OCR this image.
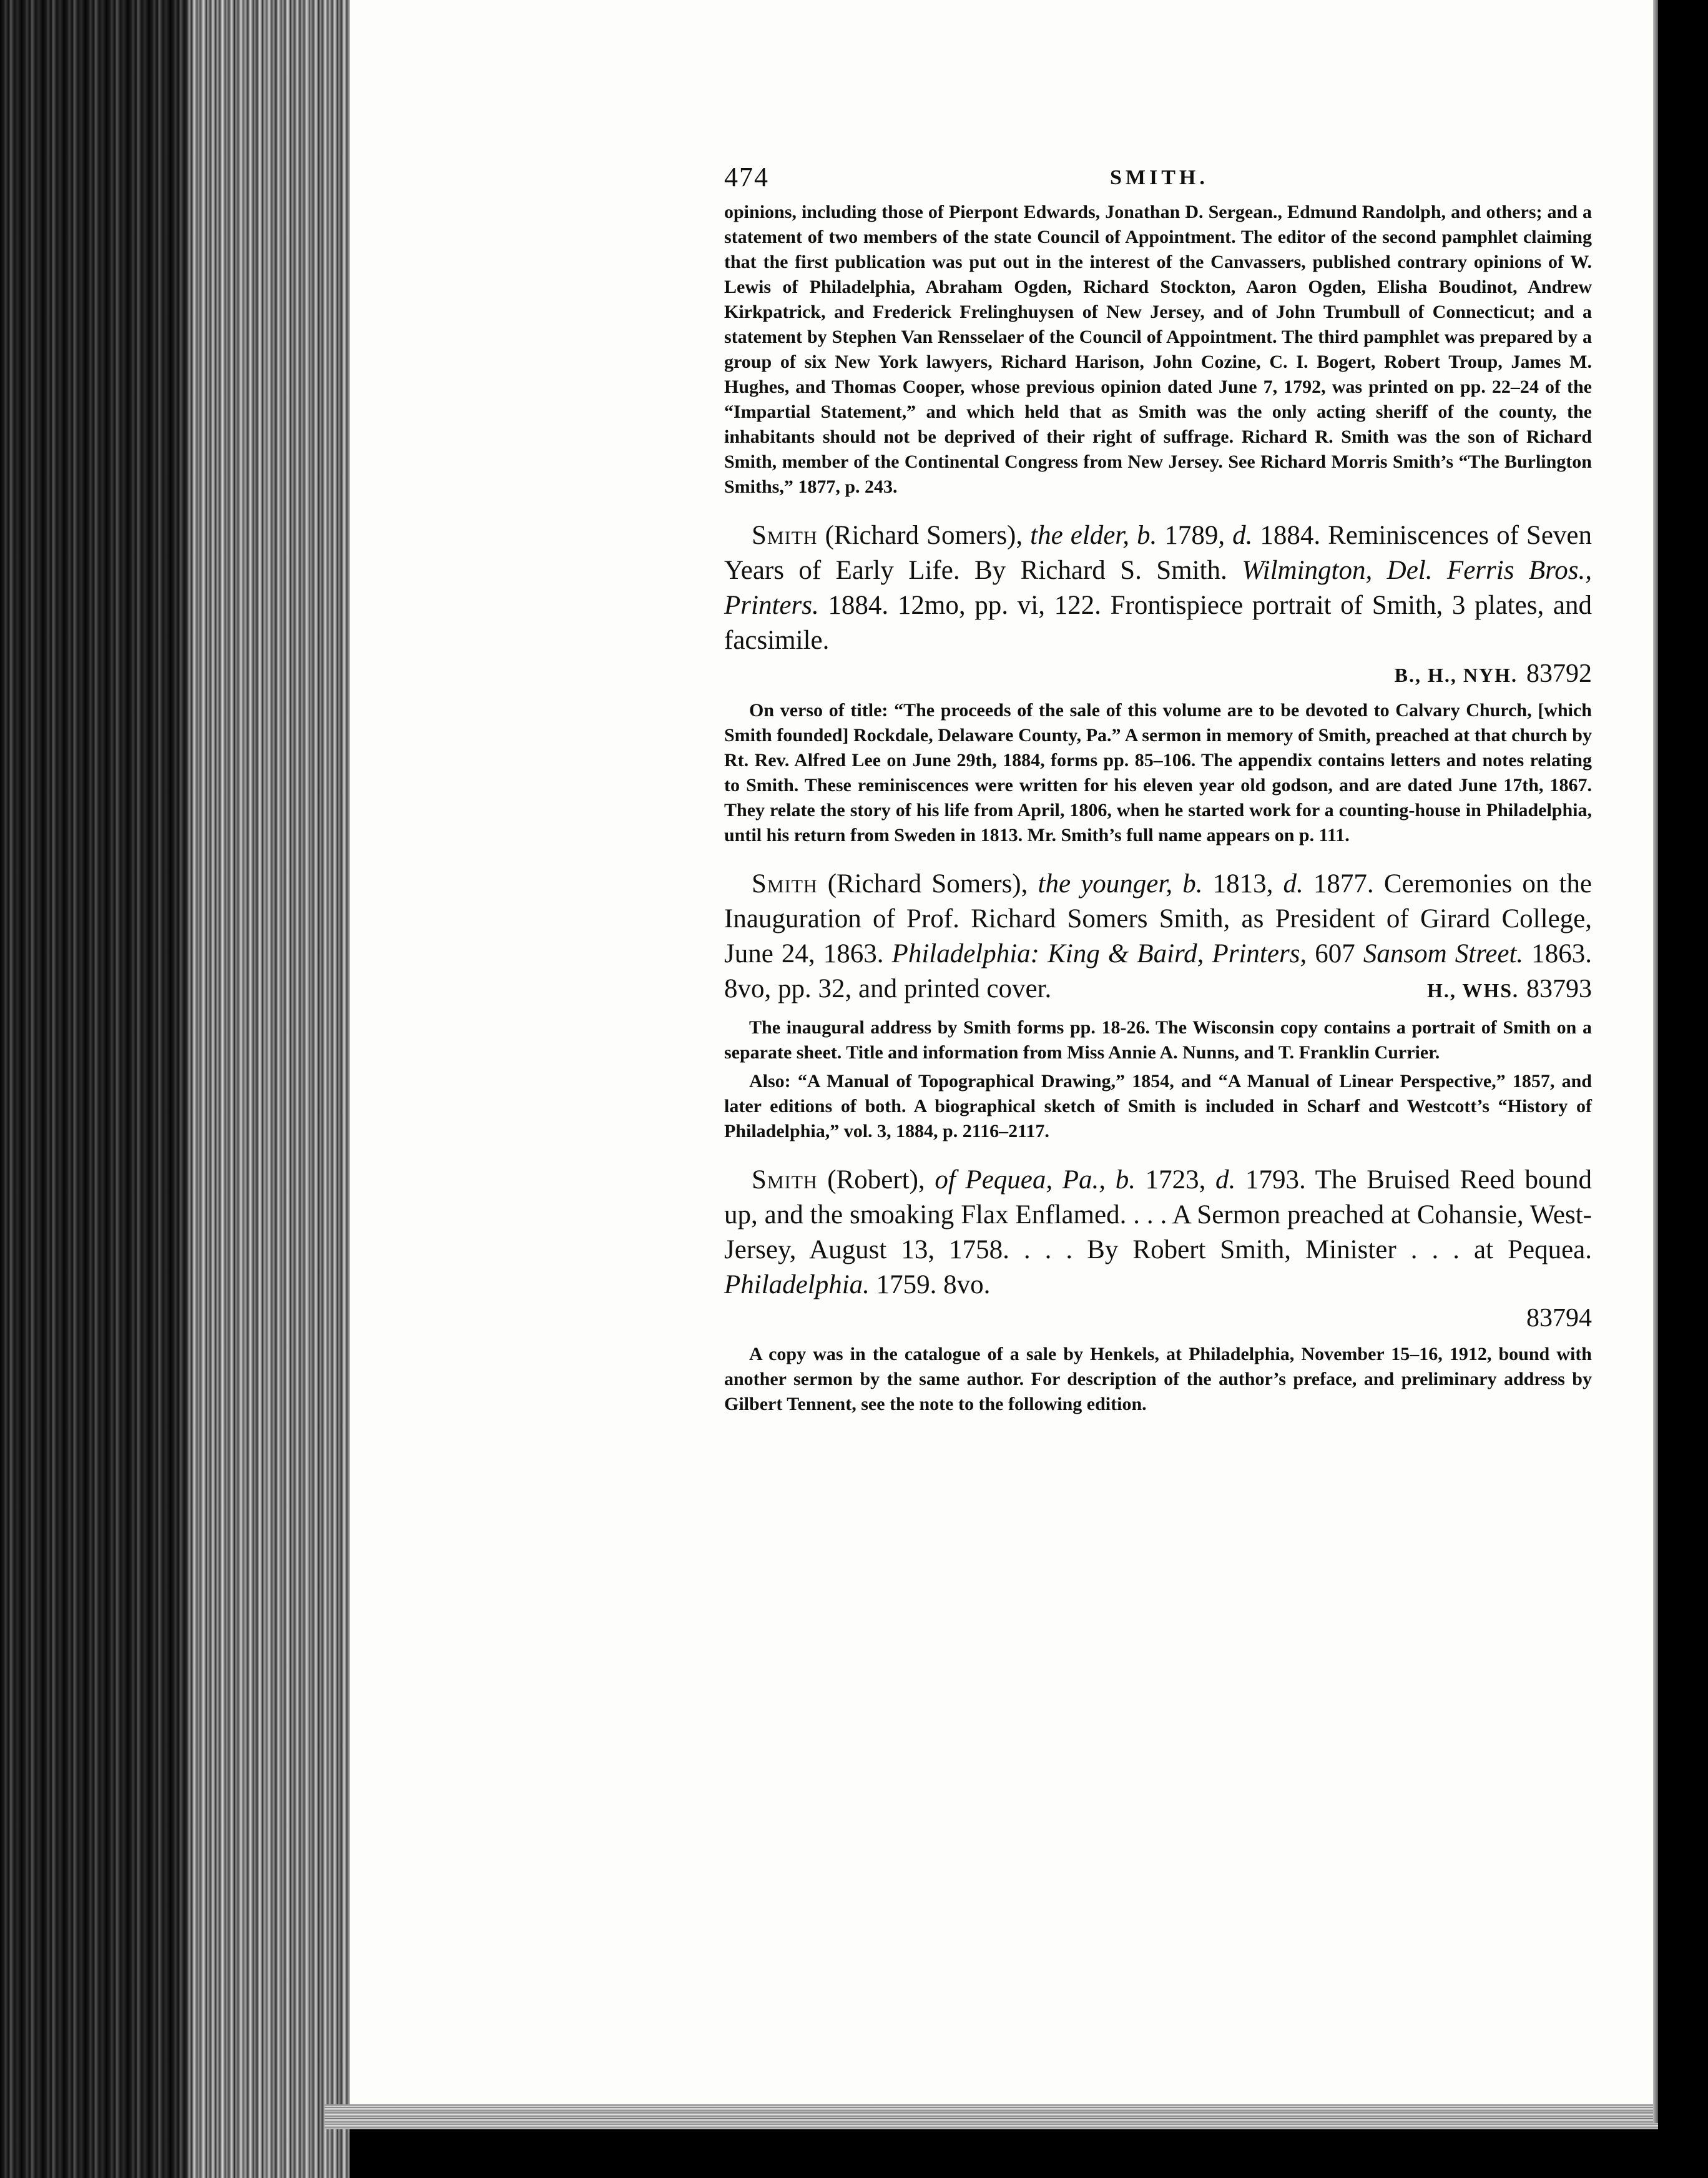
474	SMITH.

opinions, including those of Pierpont Edwards, Jonathan D. Sergean., Edmund Randolph, and others; and a statement of two members of the state Council of Appointment. The editor of the second pamphlet claiming that the first publication was put out in the interest of the Canvassers, published contrary opinions of W. Lewis of Philadelphia, Abraham Ogden, Richard Stockton, Aaron Ogden, Elisha Boudinot, Andrew Kirkpatrick, and Frederick Frelinghuysen of New Jersey, and of John Trumbull of Connecticut; and a statement by Stephen Van Rensselaer of the Council of Appointment. The third pamphlet was prepared by a group of six New York lawyers, Richard Harison, John Cozine, C. I. Bogert, Robert Troup, James M. Hughes, and Thomas Cooper, whose previous opinion dated June 7, 1792, was printed on pp. 22–24 of the “Impartial Statement,” and which held that as Smith was the only acting sheriff of the county, the inhabitants should not be deprived of their right of suffrage. Richard R. Smith was the son of Richard Smith, member of the Continental Congress from New Jersey. See Richard Morris Smith’s “The Burlington Smiths,” 1877, p. 243.

Smith (Richard Somers), the elder, b. 1789, d. 1884. Reminiscences of Seven Years of Early Life. By Richard S. Smith. Wilmington, Del. Ferris Bros., Printers. 1884. 12mo, pp. vi, 122. Frontispiece portrait of Smith, 3 plates, and facsimile.

B., H., NYH. 83792

On verso of title: “The proceeds of the sale of this volume are to be devoted to Calvary Church, [which Smith founded] Rockdale, Delaware County, Pa.” A sermon in memory of Smith, preached at that church by Rt. Rev. Alfred Lee on June 29th, 1884, forms pp. 85–106. The appendix contains letters and notes relating to Smith. These reminiscences were written for his eleven year old godson, and are dated June 17th, 1867. They relate the story of his life from April, 1806, when he started work for a counting-house in Philadelphia, until his return from Sweden in 1813. Mr. Smith’s full name appears on p. 111.

Smith (Richard Somers), the younger, b. 1813, d. 1877. Ceremonies on the Inauguration of Prof. Richard Somers Smith, as President of Girard College, June 24, 1863. Philadelphia: King & Baird, Printers, 607 Sansom Street. 1863. 8vo, pp. 32, and printed cover.	H., WHS. 83793

The inaugural address by Smith forms pp. 18-26. The Wisconsin copy contains a portrait of Smith on a separate sheet. Title and information from Miss Annie A. Nunns, and T. Franklin Currier.

Also: “A Manual of Topographical Drawing,” 1854, and “A Manual of Linear Perspective,” 1857, and later editions of both. A biographical sketch of Smith is included in Scharf and Westcott’s “History of Philadelphia,” vol. 3, 1884, p. 2116–2117.

Smith (Robert), of Pequea, Pa., b. 1723, d. 1793. The Bruised Reed bound up, and the smoaking Flax Enflamed. . . . A Sermon preached at Cohansie, West-Jersey, August 13, 1758. . . . By Robert Smith, Minister . . . at Pequea. Philadelphia. 1759. 8vo.

83794

A copy was in the catalogue of a sale by Henkels, at Philadelphia, November 15–16, 1912, bound with another sermon by the same author. For description of the author’s preface, and preliminary address by Gilbert Tennent, see the note to the following edition.
